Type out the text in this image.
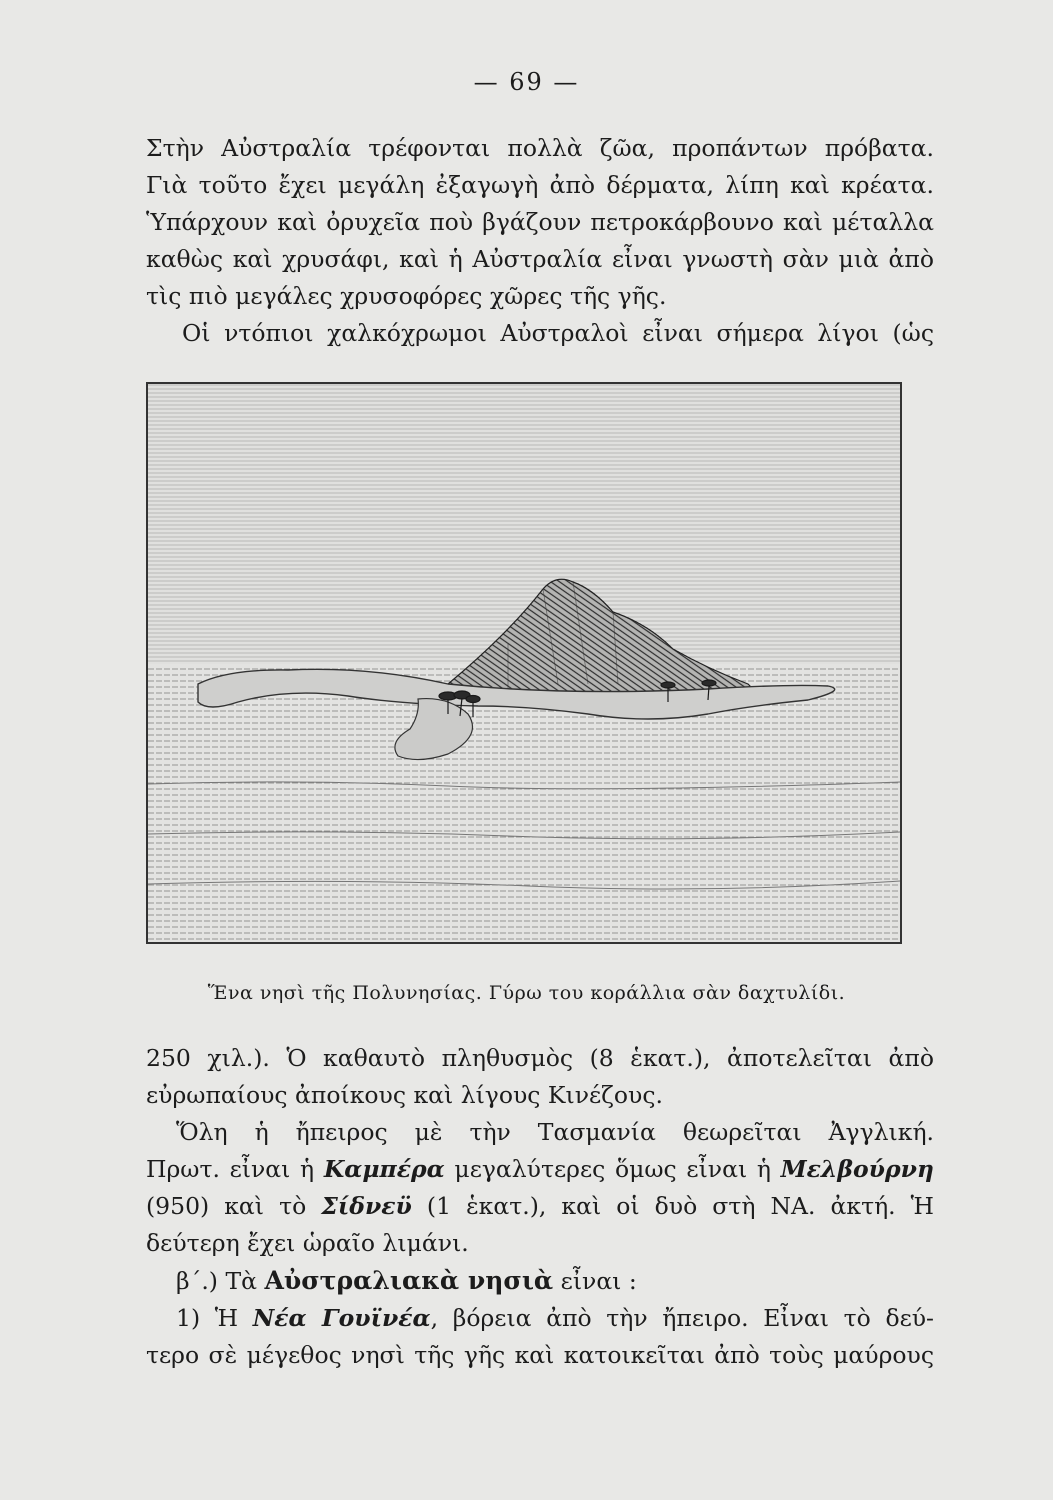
— 69 —

Στὴν Αὐστραλία τρέφονται πολλὰ ζῶα, προπάντων πρόβατα.
Γιὰ τοῦτο ἔχει μεγάλη ἐξαγωγὴ ἀπὸ δέρματα, λίπη καὶ κρέατα.
Ὑπάρχουν καὶ ὀρυχεῖα ποὺ βγάζουν πετροκάρβουνο καὶ μέταλλα
καθὼς καὶ χρυσάφι, καὶ ἡ Αὐστραλία εἶναι γνωστὴ σὰν μιὰ ἀπὸ
τὶς πιὸ μεγάλες χρυσοφόρες χῶρες τῆς γῆς.
Οἱ ντόπιοι χαλκόχρωμοι Αὐστραλοὶ εἶναι σήμερα λίγοι (ὡς

Ἕνα νησὶ τῆς Πολυνησίας. Γύρω του κοράλλια σὰν δαχτυλίδι.

250 χιλ.). Ὁ καθαυτὸ πληθυσμὸς (8 ἑκατ.), ἀποτελεῖται ἀπὸ
εὐρωπαίους ἀποίκους καὶ λίγους Κινέζους.
Ὅλη ἡ ἤπειρος μὲ τὴν Τασμανία θεωρεῖται Ἀγγλική.
Πρωτ. εἶναι ἡ Καμπέρα μεγαλύτερες ὅμως εἶναι ἡ Μελβούρνη
(950) καὶ τὸ Σίδνεϋ (1 ἑκατ.), καὶ οἱ δυὸ στὴ ΝΑ. ἀκτή. Ἡ
δεύτερη ἔχει ὡραῖο λιμάνι.
β΄.) Τὰ Αὐστραλιακὰ νησιὰ εἶναι :
1) Ἡ Νέα Γουϊνέα, βόρεια ἀπὸ τὴν ἤπειρο. Εἶναι τὸ δεύ-
τερο σὲ μέγεθος νησὶ τῆς γῆς καὶ κατοικεῖται ἀπὸ τοὺς μαύρους
